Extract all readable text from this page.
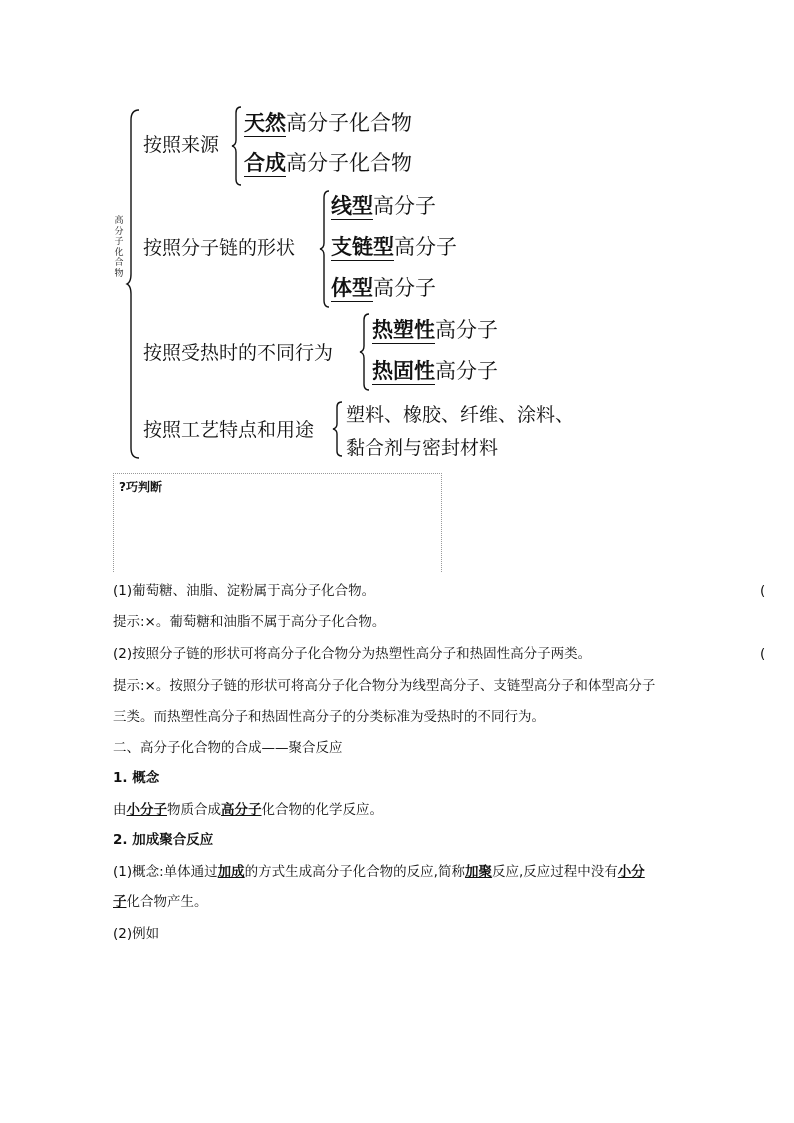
高分子化合物
按照来源
按照分子链的形状
按照受热时的不同行为
按照工艺特点和用途
天然高分子化合物
合成高分子化合物
线型高分子
支链型高分子
体型高分子
热塑性高分子
热固性高分子
塑料、橡胶、纤维、涂料、
黏合剂与密封材料
?巧判断
(1)葡萄糖、油脂、淀粉属于高分子化合物。	(
提示:×。葡萄糖和油脂不属于高分子化合物。
(2)按照分子链的形状可将高分子化合物分为热塑性高分子和热固性高分子两类。	(
提示:×。按照分子链的形状可将高分子化合物分为线型高分子、支链型高分子和体型高分子
三类。而热塑性高分子和热固性高分子的分类标准为受热时的不同行为。
二、高分子化合物的合成——聚合反应
1. 概念
由小分子物质合成高分子化合物的化学反应。
2. 加成聚合反应
(1)概念:单体通过加成的方式生成高分子化合物的反应,简称加聚反应,反应过程中没有小分
子化合物产生。
(2)例如
